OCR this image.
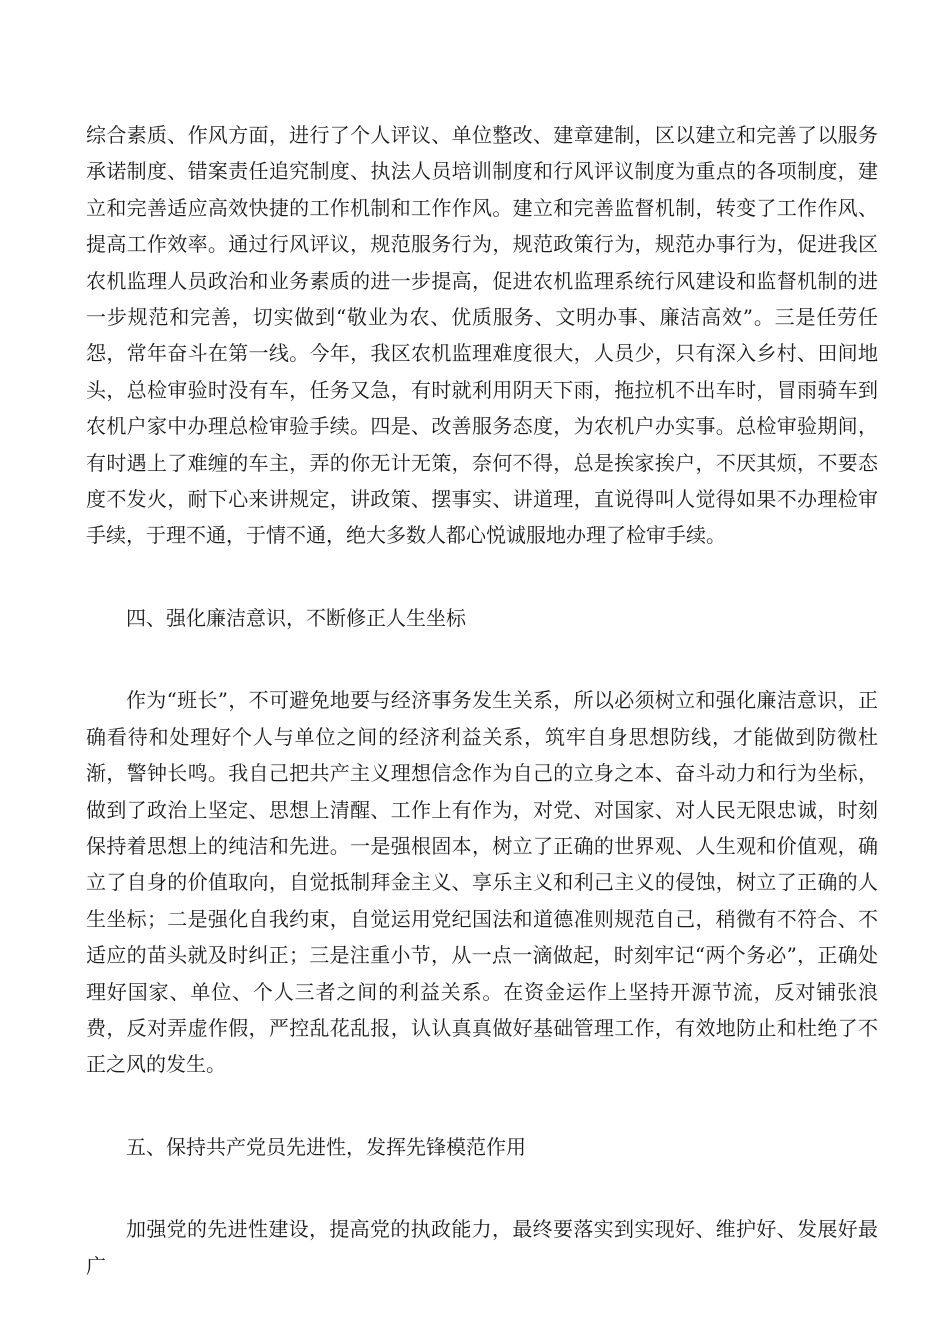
综合素质、作风方面，进行了个人评议、单位整改、建章建制，区以建立和完善了以服务承诺制度、错案责任追究制度、执法人员培训制度和行风评议制度为重点的各项制度，建立和完善适应高效快捷的工作机制和工作作风。建立和完善监督机制，转变了工作作风、提高工作效率。通过行风评议，规范服务行为，规范政策行为，规范办事行为，促进我区农机监理人员政治和业务素质的进一步提高，促进农机监理系统行风建设和监督机制的进一步规范和完善，切实做到“敬业为农、优质服务、文明办事、廉洁高效”。三是任劳任怨，常年奋斗在第一线。今年，我区农机监理难度很大，人员少，只有深入乡村、田间地头，总检审验时没有车，任务又急，有时就利用阴天下雨，拖拉机不出车时，冒雨骑车到农机户家中办理总检审验手续。四是、改善服务态度，为农机户办实事。总检审验期间，有时遇上了难缠的车主，弄的你无计无策，奈何不得，总是挨家挨户，不厌其烦，不要态度不发火，耐下心来讲规定，讲政策、摆事实、讲道理，直说得叫人觉得如果不办理检审手续，于理不通，于情不通，绝大多数人都心悦诚服地办理了检审手续。

四、强化廉洁意识，不断修正人生坐标

作为“班长”，不可避免地要与经济事务发生关系，所以必须树立和强化廉洁意识，正确看待和处理好个人与单位之间的经济利益关系，筑牢自身思想防线，才能做到防微杜渐，警钟长鸣。我自己把共产主义理想信念作为自己的立身之本、奋斗动力和行为坐标，做到了政治上坚定、思想上清醒、工作上有作为，对党、对国家、对人民无限忠诚，时刻保持着思想上的纯洁和先进。一是强根固本，树立了正确的世界观、人生观和价值观，确立了自身的价值取向，自觉抵制拜金主义、享乐主义和利己主义的侵蚀，树立了正确的人生坐标；二是强化自我约束，自觉运用党纪国法和道德准则规范自己，稍微有不符合、不适应的苗头就及时纠正；三是注重小节，从一点一滴做起，时刻牢记“两个务必”，正确处理好国家、单位、个人三者之间的利益关系。在资金运作上坚持开源节流，反对铺张浪费，反对弄虚作假，严控乱花乱报，认认真真做好基础管理工作，有效地防止和杜绝了不正之风的发生。

五、保持共产党员先进性，发挥先锋模范作用

加强党的先进性建设，提高党的执政能力，最终要落实到实现好、维护好、发展好最广
